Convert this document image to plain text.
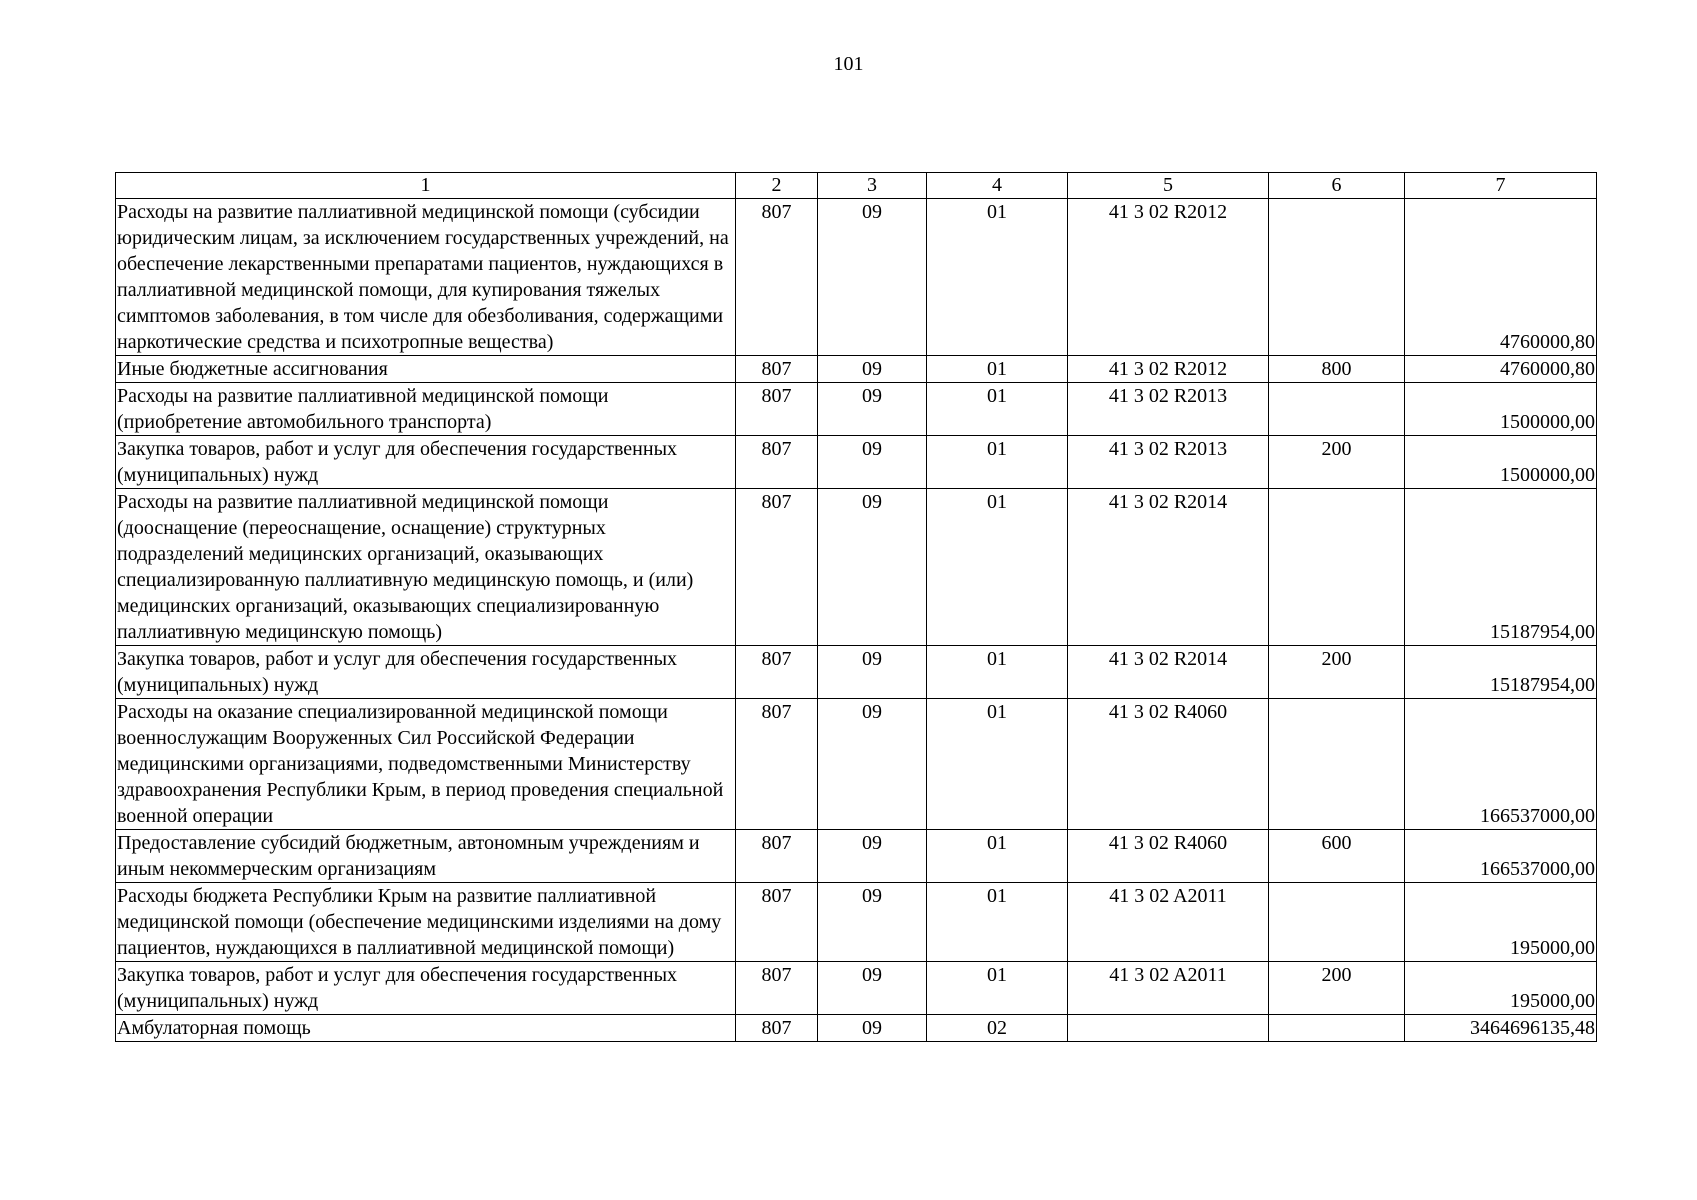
101
1	2	3	4	5	6	7
Расходы на развитие паллиативной медицинской помощи (субсидии юридическим лицам, за исключением государственных учреждений, на обеспечение лекарственными препаратами пациентов, нуждающихся в паллиативной медицинской помощи, для купирования тяжелых симптомов заболевания, в том числе для обезболивания, содержащими наркотические средства и психотропные вещества)	807	09	01	41 3 02 R2012		4760000,80
Иные бюджетные ассигнования	807	09	01	41 3 02 R2012	800	4760000,80
Расходы на развитие паллиативной медицинской помощи (приобретение автомобильного транспорта)	807	09	01	41 3 02 R2013		1500000,00
Закупка товаров, работ и услуг для обеспечения государственных (муниципальных) нужд	807	09	01	41 3 02 R2013	200	1500000,00
Расходы на развитие паллиативной медицинской помощи (дооснащение (переоснащение, оснащение) структурных подразделений медицинских организаций, оказывающих специализированную паллиативную медицинскую помощь, и (или) медицинских организаций, оказывающих специализированную паллиативную медицинскую помощь)	807	09	01	41 3 02 R2014		15187954,00
Закупка товаров, работ и услуг для обеспечения государственных (муниципальных) нужд	807	09	01	41 3 02 R2014	200	15187954,00
Расходы на оказание специализированной медицинской помощи военнослужащим Вооруженных Сил Российской Федерации медицинскими организациями, подведомственными Министерству здравоохранения Республики Крым, в период проведения специальной военной операции	807	09	01	41 3 02 R4060		166537000,00
Предоставление субсидий бюджетным, автономным учреждениям и иным некоммерческим организациям	807	09	01	41 3 02 R4060	600	166537000,00
Расходы бюджета Республики Крым на развитие паллиативной медицинской помощи (обеспечение медицинскими изделиями на дому пациентов, нуждающихся в паллиативной медицинской помощи)	807	09	01	41 3 02 A2011		195000,00
Закупка товаров, работ и услуг для обеспечения государственных (муниципальных) нужд	807	09	01	41 3 02 A2011	200	195000,00
Амбулаторная помощь	807	09	02			3464696135,48
